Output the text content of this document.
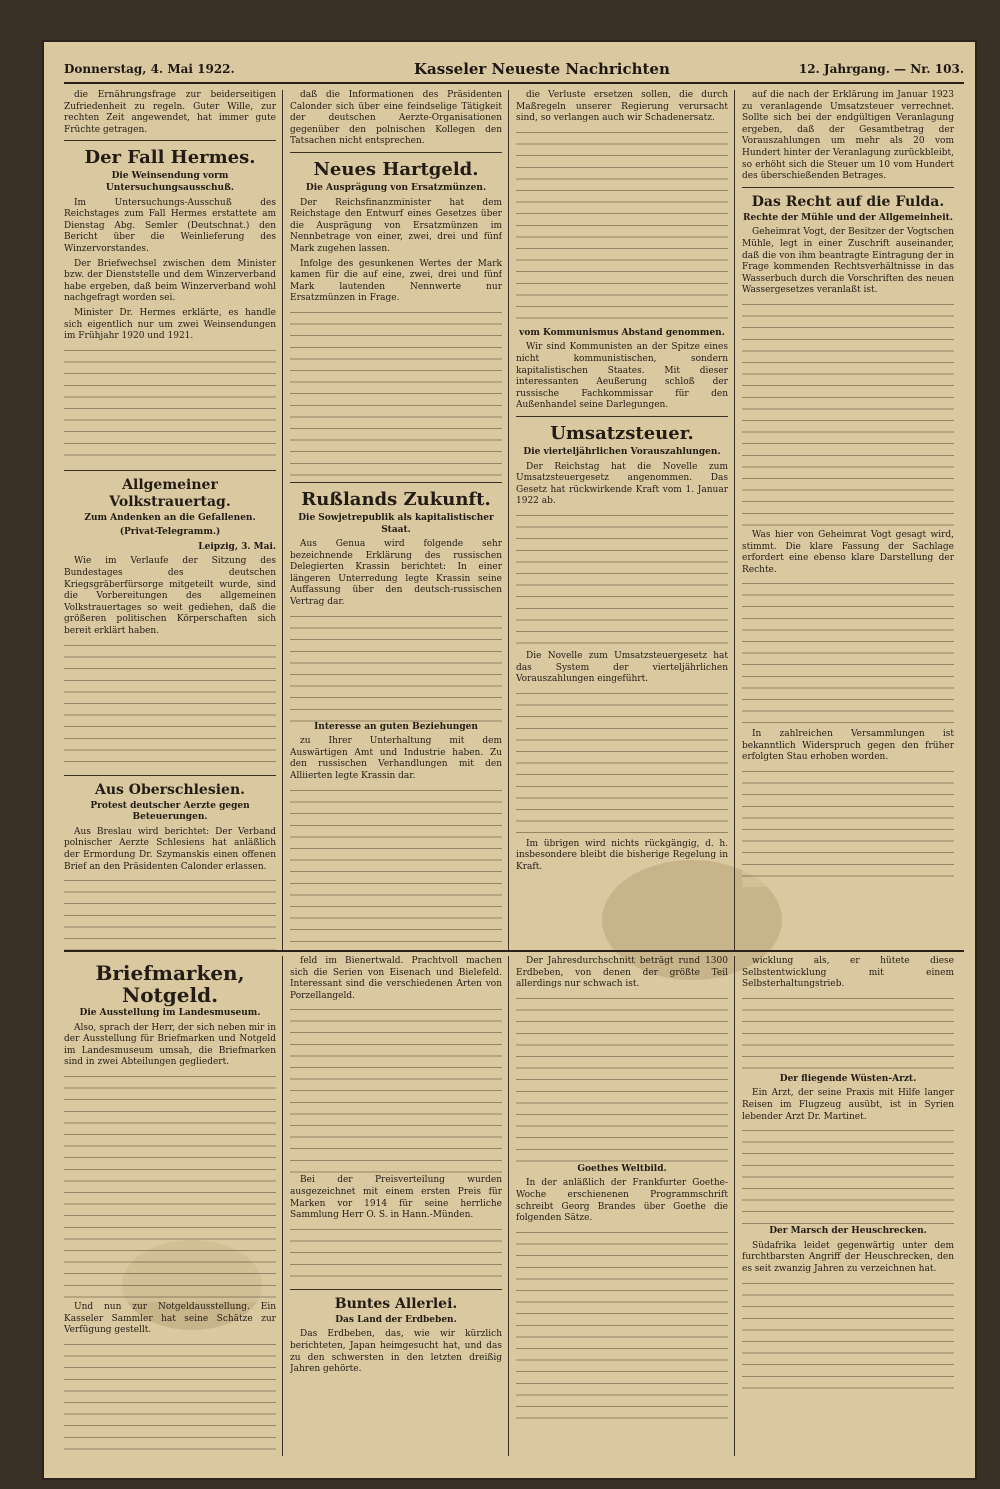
Donnerstag, 4. Mai 1922.	Kasseler Neueste Nachrichten	12. Jahrgang. — Nr. 103.

die Ernährungsfrage zur beiderseitigen Zufriedenheit zu regeln. Guter Wille, zur rechten Zeit angewendet, hat immer gute Früchte getragen.

Der Fall Hermes.
Die Weinsendung vorm Untersuchungsausschuß.

Im Untersuchungs-Ausschuß des Reichstages zum Fall Hermes erstattete am Dienstag Abg. Semler (Deutschnat.) den Bericht über die Weinlieferung des Winzervorstandes.

Der Briefwechsel zwischen dem Minister bzw. der Dienststelle und dem Winzerverband habe ergeben, daß beim Winzerverband wohl nachgefragt worden sei.

Minister Dr. Hermes erklärte, es handle sich eigentlich nur um zwei Weinsendungen im Frühjahr 1920 und 1921.

Allgemeiner Volkstrauertag.
Zum Andenken an die Gefallenen.
(Privat-Telegramm.)
Leipzig, 3. Mai.

Wie im Verlaufe der Sitzung des Bundestages des deutschen Kriegsgräberfürsorge mitgeteilt wurde, sind die Vorbereitungen des allgemeinen Volkstrauertages so weit gediehen, daß die größeren politischen Körperschaften sich bereit erklärt haben.

Aus Oberschlesien.
Protest deutscher Aerzte gegen Beteuerungen.

Aus Breslau wird berichtet: Der Verband polnischer Aerzte Schlesiens hat anläßlich der Ermordung Dr. Szymanskis einen offenen Brief an den Präsidenten Calonder erlassen.

daß die Informationen des Präsidenten Calonder sich über eine feindselige Tätigkeit der deutschen Aerzte-Organisationen gegenüber den polnischen Kollegen den Tatsachen nicht entsprechen.

Neues Hartgeld.
Die Ausprägung von Ersatzmünzen.

Der Reichsfinanzminister hat dem Reichstage den Entwurf eines Gesetzes über die Ausprägung von Ersatzmünzen im Nennbetrage von einer, zwei, drei und fünf Mark zugehen lassen.

Infolge des gesunkenen Wertes der Mark kamen für die auf eine, zwei, drei und fünf Mark lautenden Nennwerte nur Ersatzmünzen in Frage.

Rußlands Zukunft.
Die Sowjetrepublik als kapitalistischer Staat.

Aus Genua wird folgende sehr bezeichnende Erklärung des russischen Delegierten Krassin berichtet: In einer längeren Unterredung legte Krassin seine Auffassung über den deutsch-russischen Vertrag dar.

Interesse an guten Beziehungen

zu Ihrer Unterhaltung mit dem Auswärtigen Amt und Industrie haben. Zu den russischen Verhandlungen mit den Alliierten legte Krassin dar.

die Verluste ersetzen sollen, die durch Maßregeln unserer Regierung verursacht sind, so verlangen auch wir Schadenersatz.

vom Kommunismus Abstand genommen.

Wir sind Kommunisten an der Spitze eines nicht kommunistischen, sondern kapitalistischen Staates. Mit dieser interessanten Aeußerung schloß der russische Fachkommissar für den Außenhandel seine Darlegungen.

Umsatzsteuer.
Die vierteljährlichen Vorauszahlungen.

Der Reichstag hat die Novelle zum Umsatzsteuergesetz angenommen. Das Gesetz hat rückwirkende Kraft vom 1. Januar 1922 ab.

Die Novelle zum Umsatzsteuergesetz hat das System der vierteljährlichen Vorauszahlungen eingeführt.

Im übrigen wird nichts rückgängig, d. h. insbesondere bleibt die bisherige Regelung in Kraft.

auf die nach der Erklärung im Januar 1923 zu veranlagende Umsatzsteuer verrechnet. Sollte sich bei der endgültigen Veranlagung ergeben, daß der Gesamtbetrag der Vorauszahlungen um mehr als 20 vom Hundert hinter der Veranlagung zurückbleibt, so erhöht sich die Steuer um 10 vom Hundert des überschießenden Betrages.

Das Recht auf die Fulda.
Rechte der Mühle und der Allgemeinheit.

Geheimrat Vogt, der Besitzer der Vogtschen Mühle, legt in einer Zuschrift auseinander, daß die von ihm beantragte Eintragung der in Frage kommenden Rechtsverhältnisse in das Wasserbuch durch die Vorschriften des neuen Wassergesetzes veranlaßt ist.

Was hier von Geheimrat Vogt gesagt wird, stimmt. Die klare Fassung der Sachlage erfordert eine ebenso klare Darstellung der Rechte.

In zahlreichen Versammlungen ist bekanntlich Widerspruch gegen den früher erfolgten Stau erhoben worden.

Briefmarken, Notgeld.
Die Ausstellung im Landesmuseum.

Also, sprach der Herr, der sich neben mir in der Ausstellung für Briefmarken und Notgeld im Landesmuseum umsah, die Briefmarken sind in zwei Abteilungen gegliedert.

Und nun zur Notgeldausstellung. Ein Kasseler Sammler hat seine Schätze zur Verfügung gestellt.

feld im Bienertwald. Prachtvoll machen sich die Serien von Eisenach und Bielefeld. Interessant sind die verschiedenen Arten von Porzellangeld.

Bei der Preisverteilung wurden ausgezeichnet mit einem ersten Preis für Marken vor 1914 für seine herrliche Sammlung Herr O. S. in Hann.-Münden.

Buntes Allerlei.
Das Land der Erdbeben.

Das Erdbeben, das, wie wir kürzlich berichteten, Japan heimgesucht hat, und das zu den schwersten in den letzten dreißig Jahren gehörte.

Der Jahresdurchschnitt beträgt rund 1300 Erdbeben, von denen der größte Teil allerdings nur schwach ist.

Goethes Weltbild.

In der anläßlich der Frankfurter Goethe-Woche erschienenen Programmschrift schreibt Georg Brandes über Goethe die folgenden Sätze.

wicklung als, er hütete diese Selbstentwicklung mit einem Selbsterhaltungstrieb.

Der fliegende Wüsten-Arzt.

Ein Arzt, der seine Praxis mit Hilfe langer Reisen im Flugzeug ausübt, ist in Syrien lebender Arzt Dr. Martinet.

Der Marsch der Heuschrecken.

Südafrika leidet gegenwärtig unter dem furchtbarsten Angriff der Heuschrecken, den es seit zwanzig Jahren zu verzeichnen hat.
